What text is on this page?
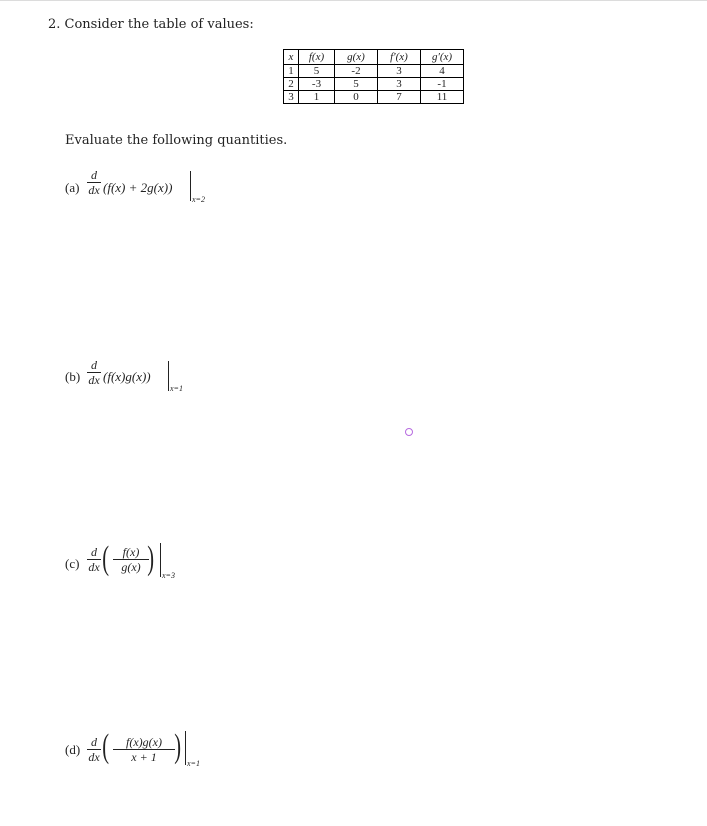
2. Consider the table of values:
x	f(x)	g(x)	f′(x)	g′(x)
1	5	-2	3	4
2	-3	5	3	-1
3	1	0	7	11
Evaluate the following quantities.
(a)
d
dx (f(x) + 2g(x))
x=2
(b)
d
dx (f(x)g(x))
x=1
(c)
d
dx (	f(x)
g(x) ) x=3
(d) d
dx (	f(x)g(x)
x + 1 ) x=1
